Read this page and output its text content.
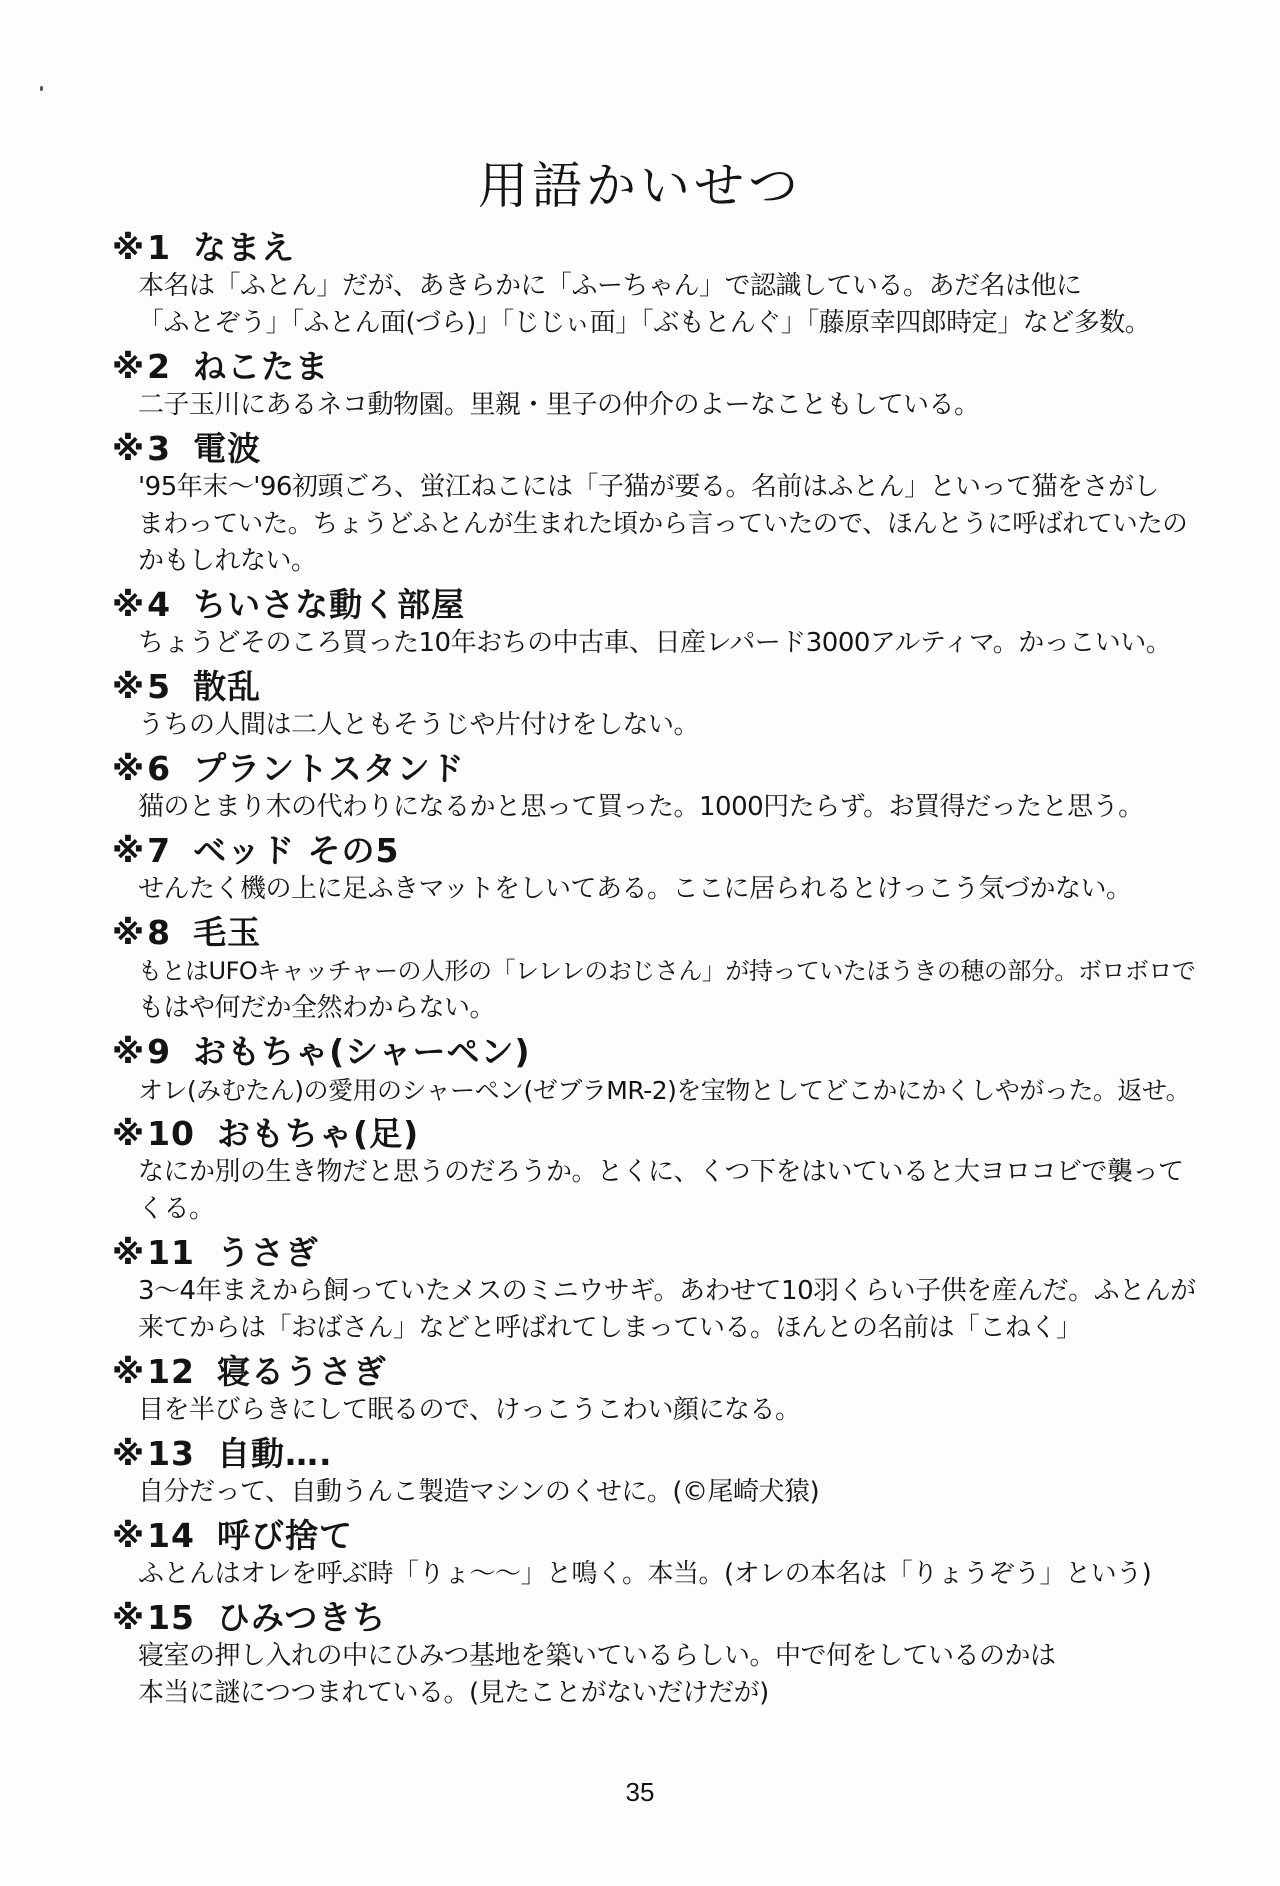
用語かいせつ
※1 なまえ
本名は「ふとん」だが、あきらかに「ふーちゃん」で認識している。あだ名は他に
「ふとぞう」「ふとん面(づら)」「じじぃ面」「ぶもとんぐ」「藤原幸四郎時定」など多数。
※2 ねこたま
二子玉川にあるネコ動物園。里親・里子の仲介のよーなこともしている。
※3 電波
'95年末〜'96初頭ごろ、蛍江ねこには「子猫が要る。名前はふとん」といって猫をさがし
まわっていた。ちょうどふとんが生まれた頃から言っていたので、ほんとうに呼ばれていたの
かもしれない。
※4 ちいさな動く部屋
ちょうどそのころ買った10年おちの中古車、日産レパード3000アルティマ。かっこいい。
※5 散乱
うちの人間は二人ともそうじや片付けをしない。
※6 プラントスタンド
猫のとまり木の代わりになるかと思って買った。1000円たらず。お買得だったと思う。
※7 ベッド その5
せんたく機の上に足ふきマットをしいてある。ここに居られるとけっこう気づかない。
※8 毛玉
もとはUFOキャッチャーの人形の「レレレのおじさん」が持っていたほうきの穂の部分。ボロボロで
もはや何だか全然わからない。
※9 おもちゃ(シャーペン)
オレ(みむたん)の愛用のシャーペン(ゼブラMR-2)を宝物としてどこかにかくしやがった。返せ。
※10 おもちゃ(足)
なにか別の生き物だと思うのだろうか。とくに、くつ下をはいていると大ヨロコビで襲って
くる。
※11 うさぎ
3〜4年まえから飼っていたメスのミニウサギ。あわせて10羽くらい子供を産んだ。ふとんが
来てからは「おばさん」などと呼ばれてしまっている。ほんとの名前は「こねく」
※12 寝るうさぎ
目を半びらきにして眠るので、けっこうこわい顔になる。
※13 自動….
自分だって、自動うんこ製造マシンのくせに。(©尾崎犬猿)
※14 呼び捨て
ふとんはオレを呼ぶ時「りょ〜〜」と鳴く。本当。(オレの本名は「りょうぞう」という)
※15 ひみつきち
寝室の押し入れの中にひみつ基地を築いているらしい。中で何をしているのかは
本当に謎につつまれている。(見たことがないだけだが)
35
